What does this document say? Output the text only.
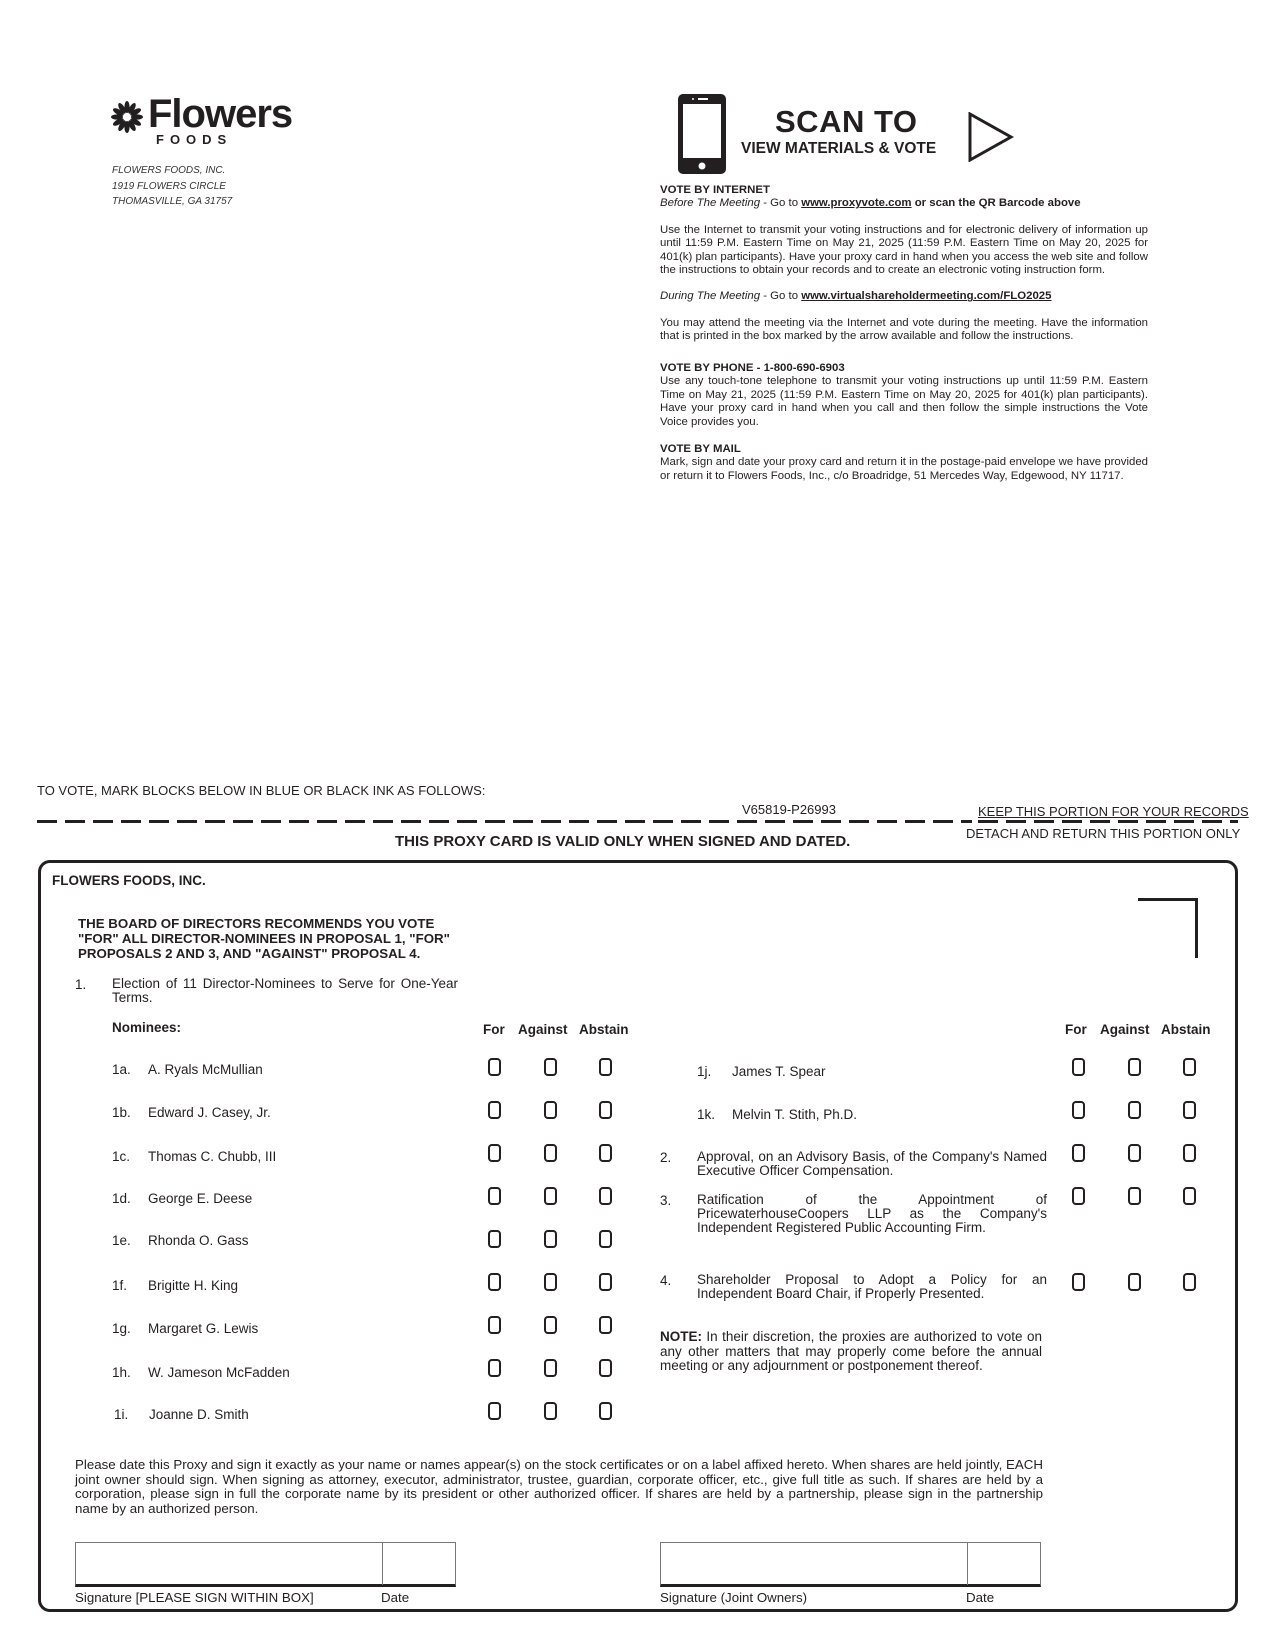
Flowers
FOODS
FLOWERS FOODS, INC.
1919 FLOWERS CIRCLE
THOMASVILLE, GA 31757
SCAN TO
VIEW MATERIALS & VOTE
VOTE BY INTERNET
Before The Meeting - Go to www.proxyvote.com or scan the QR Barcode above
Use the Internet to transmit your voting instructions and for electronic delivery of information up until 11:59 P.M. Eastern Time on May 21, 2025 (11:59 P.M. Eastern Time on May 20, 2025 for 401(k) plan participants). Have your proxy card in hand when you access the web site and follow the instructions to obtain your records and to create an electronic voting instruction form.
During The Meeting - Go to www.virtualshareholdermeeting.com/FLO2025
You may attend the meeting via the Internet and vote during the meeting. Have the information that is printed in the box marked by the arrow available and follow the instructions.
VOTE BY PHONE - 1-800-690-6903
Use any touch-tone telephone to transmit your voting instructions up until 11:59 P.M. Eastern Time on May 21, 2025 (11:59 P.M. Eastern Time on May 20, 2025 for 401(k) plan participants). Have your proxy card in hand when you call and then follow the simple instructions the Vote Voice provides you.
VOTE BY MAIL
Mark, sign and date your proxy card and return it in the postage-paid envelope we have provided or return it to Flowers Foods, Inc., c/o Broadridge, 51 Mercedes Way, Edgewood, NY 11717.
TO VOTE, MARK BLOCKS BELOW IN BLUE OR BLACK INK AS FOLLOWS:
V65819-P26993	KEEP THIS PORTION FOR YOUR RECORDS
DETACH AND RETURN THIS PORTION ONLY
THIS PROXY CARD IS VALID ONLY WHEN SIGNED AND DATED.
FLOWERS FOODS, INC.
THE BOARD OF DIRECTORS RECOMMENDS YOU VOTE "FOR" ALL DIRECTOR-NOMINEES IN PROPOSAL 1, "FOR" PROPOSALS 2 AND 3, AND "AGAINST" PROPOSAL 4.
1. Election of 11 Director-Nominees to Serve for One-Year Terms.
Nominees:	For Against Abstain	For Against Abstain
1a. A. Ryals McMullian
1b. Edward J. Casey, Jr.
1c. Thomas C. Chubb, III
1d. George E. Deese
1e. Rhonda O. Gass
1f. Brigitte H. King
1g. Margaret G. Lewis
1h. W. Jameson McFadden
1i. Joanne D. Smith
1j. James T. Spear
1k. Melvin T. Stith, Ph.D.
2. Approval, on an Advisory Basis, of the Company's Named Executive Officer Compensation.
3. Ratification of the Appointment of PricewaterhouseCoopers LLP as the Company's Independent Registered Public Accounting Firm.
4. Shareholder Proposal to Adopt a Policy for an Independent Board Chair, if Properly Presented.
NOTE: In their discretion, the proxies are authorized to vote on any other matters that may properly come before the annual meeting or any adjournment or postponement thereof.
Please date this Proxy and sign it exactly as your name or names appear(s) on the stock certificates or on a label affixed hereto. When shares are held jointly, EACH joint owner should sign. When signing as attorney, executor, administrator, trustee, guardian, corporate officer, etc., give full title as such. If shares are held by a corporation, please sign in full the corporate name by its president or other authorized officer. If shares are held by a partnership, please sign in the partnership name by an authorized person.
Signature [PLEASE SIGN WITHIN BOX]	Date	Signature (Joint Owners)	Date
